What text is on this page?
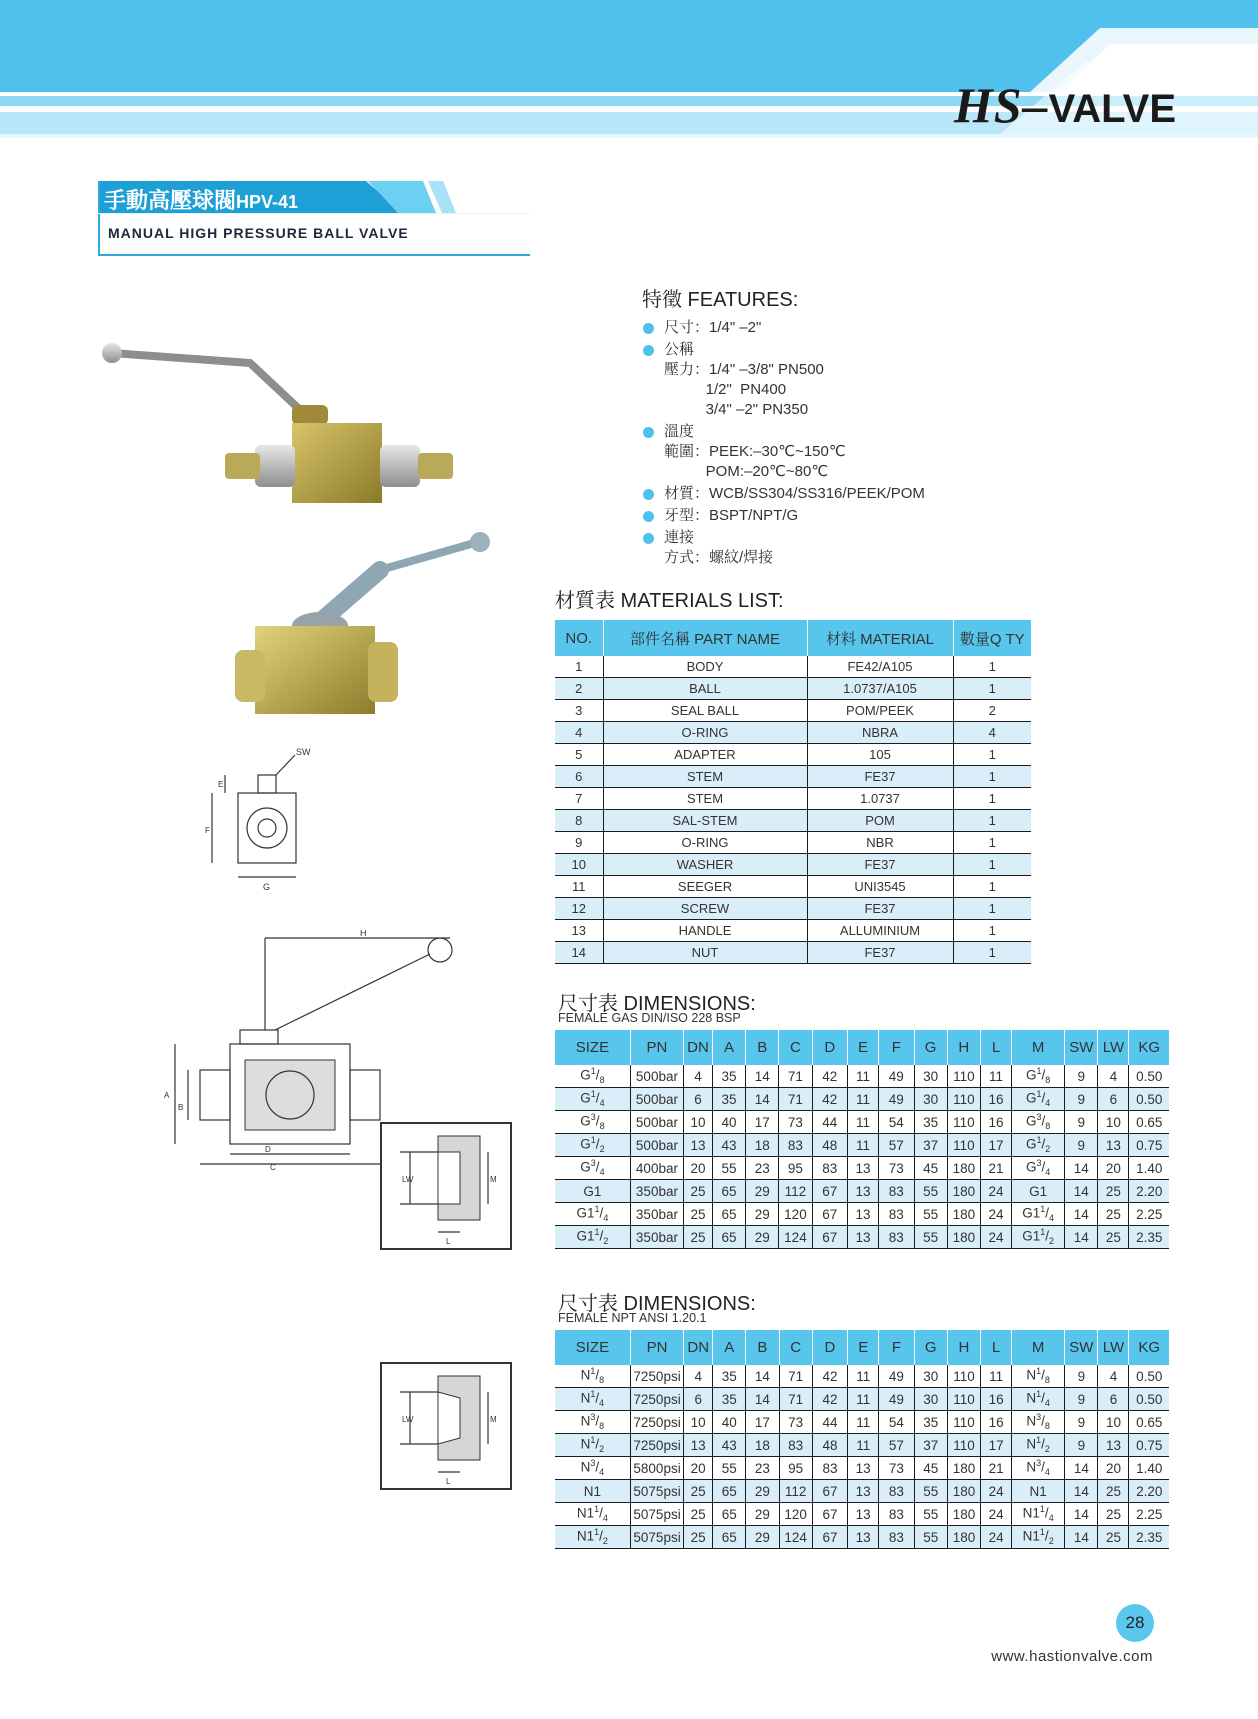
HS–VALVE
手動高壓球閥HPV-41
MANUAL HIGH PRESSURE BALL VALVE
SW
F
E
G
H
A
B
D
C
LW	M
L
LW	M
L
特徵 FEATURES:
尺寸：1/4" –2"
公稱
壓力：1/4" –3/8" PN500
1/2"  PN400
3/4" –2" PN350
溫度
範圍：PEEK:–30℃~150℃
POM:–20℃~80℃
材質：WCB/SS304/SS316/PEEK/POM
牙型：BSPT/NPT/G
連接
方式：螺紋/焊接
材質表 MATERIALS LIST:
NO.	部件名稱 PART NAME	材料 MATERIAL	數量Q TY
1	BODY	FE42/A105	1
2	BALL	1.0737/A105	1
3	SEAL BALL	POM/PEEK	2
4	O-RING	NBRA	4
5	ADAPTER	105	1
6	STEM	FE37	1
7	STEM	1.0737	1
8	SAL-STEM	POM	1
9	O-RING	NBR	1
10	WASHER	FE37	1
11	SEEGER	UNI3545	1
12	SCREW	FE37	1
13	HANDLE	ALLUMINIUM	1
14	NUT	FE37	1
尺寸表 DIMENSIONS:
FEMALE GAS DIN/ISO 228 BSP
SIZE	PN	DN	A	B	C	D	E	F	G	H	L	M	SW	LW	KG
$G^1/_8$	500bar	4	35	14	71	42	11	49	30	110	11	$G^1/_8$	9	4	0.50
$G^1/_4$	500bar	6	35	14	71	42	11	49	30	110	16	$G^1/_4$	9	6	0.50
$G^3/_8$	500bar	10	40	17	73	44	11	54	35	110	16	$G^3/_8$	9	10	0.65
$G^1/_2$	500bar	13	43	18	83	48	11	57	37	110	17	$G^1/_2$	9	13	0.75
$G^3/_4$	400bar	20	55	23	95	83	13	73	45	180	21	$G^3/_4$	14	20	1.40
G1	350bar	25	65	29	112	67	13	83	55	180	24	G1	14	25	2.20
$G1^1/_4$	350bar	25	65	29	120	67	13	83	55	180	24	$G1^1/_4$	14	25	2.25
$G1^1/_2$	350bar	25	65	29	124	67	13	83	55	180	24	$G1^1/_2$	14	25	2.35
尺寸表 DIMENSIONS:
FEMALE NPT ANSI 1.20.1
SIZE	PN	DN	A	B	C	D	E	F	G	H	L	M	SW	LW	KG
$N^1/_8$	7250psi	4	35	14	71	42	11	49	30	110	11	$N^1/_8$	9	4	0.50
$N^1/_4$	7250psi	6	35	14	71	42	11	49	30	110	16	$N^1/_4$	9	6	0.50
$N^3/_8$	7250psi	10	40	17	73	44	11	54	35	110	16	$N^3/_8$	9	10	0.65
$N^1/_2$	7250psi	13	43	18	83	48	11	57	37	110	17	$N^1/_2$	9	13	0.75
$N^3/_4$	5800psi	20	55	23	95	83	13	73	45	180	21	$N^3/_4$	14	20	1.40
N1	5075psi	25	65	29	112	67	13	83	55	180	24	N1	14	25	2.20
$N1^1/_4$	5075psi	25	65	29	120	67	13	83	55	180	24	$N1^1/_4$	14	25	2.25
$N1^1/_2$	5075psi	25	65	29	124	67	13	83	55	180	24	$N1^1/_2$	14	25	2.35
28
www.hastionvalve.com
